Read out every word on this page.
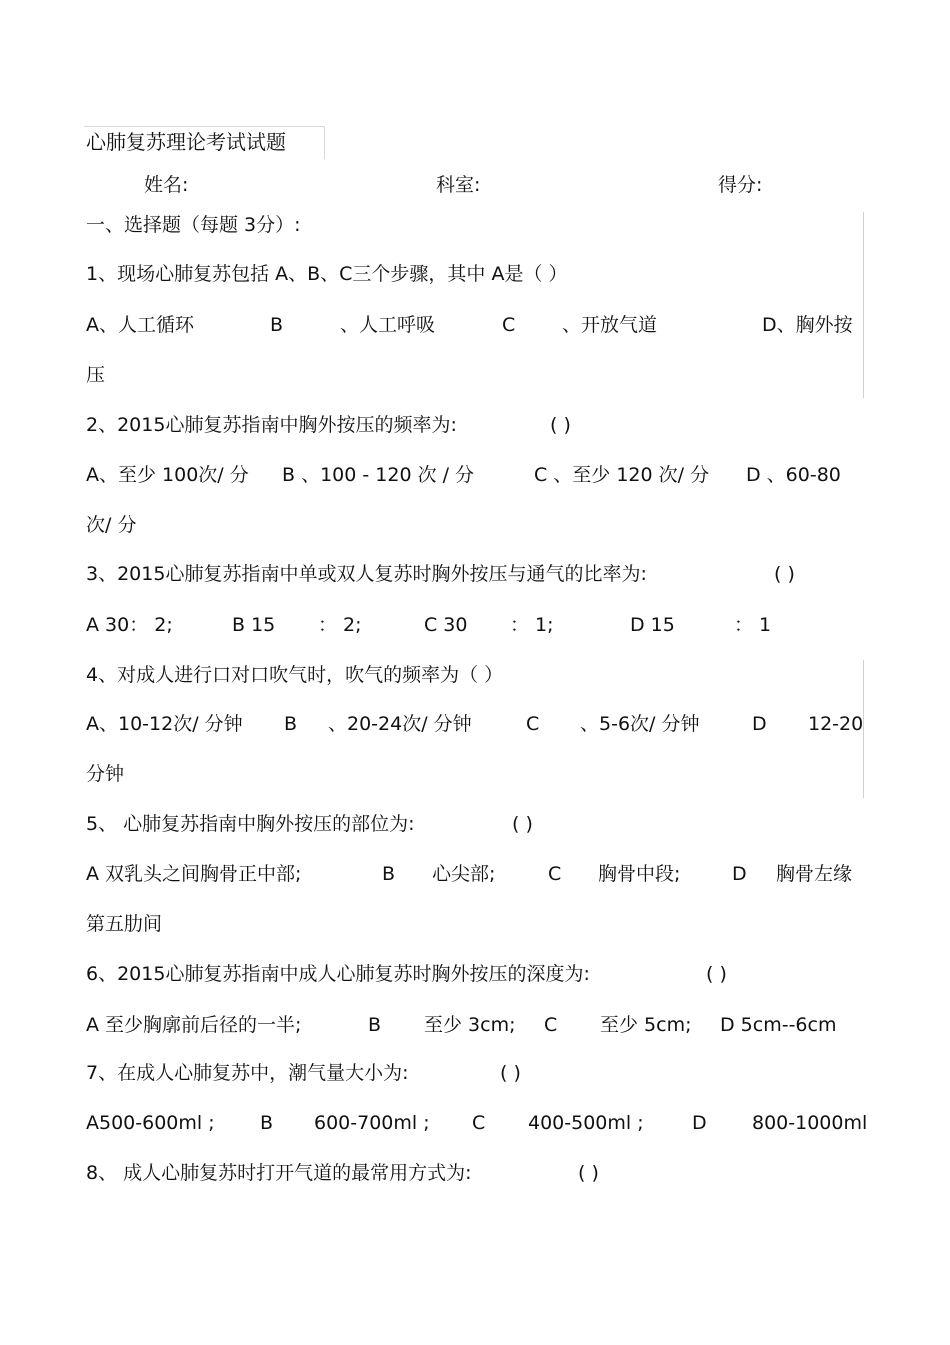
心肺复苏理论考试试题
姓名:	科室:	得分:
一、选择题（每题 3分）:
1、现场心肺复苏包括 A、B、C三个步骤，其中 A是（ ）
A、人工循环	B	、人工呼吸	C 、开放气道	D、胸外按
压
2、2015心肺复苏指南中胸外按压的频率为:	( )
A、至少 100次/ 分 B 、100 - 120 次 / 分	C 、至少 120 次/ 分 D 、60-80
次/ 分
3、2015心肺复苏指南中单或双人复苏时胸外按压与通气的比率为:	( )
A 30： 2;	B 15 ： 2;	C 30 ： 1;	D 15	： 1
4、对成人进行口对口吹气时，吹气的频率为（ ）
A、10-12次/ 分钟 B 、20-24次/ 分钟	C 、5-6次/ 分钟	D 12-20
分钟
5、 心肺复苏指南中胸外按压的部位为:	( )
A 双乳头之间胸骨正中部;	B 心尖部;	C 胸骨中段;	D 胸骨左缘
第五肋间
6、2015心肺复苏指南中成人心肺复苏时胸外按压的深度为:	( )
A 至少胸廓前后径的一半;	B 至少 3cm; C 至少 5cm; D 5cm--6cm
7、在成人心肺复苏中，潮气量大小为:	( )
A500-600ml ; B 600-700ml ; C 400-500ml ;	D 800-1000ml
8、 成人心肺复苏时打开气道的最常用方式为:	( )
